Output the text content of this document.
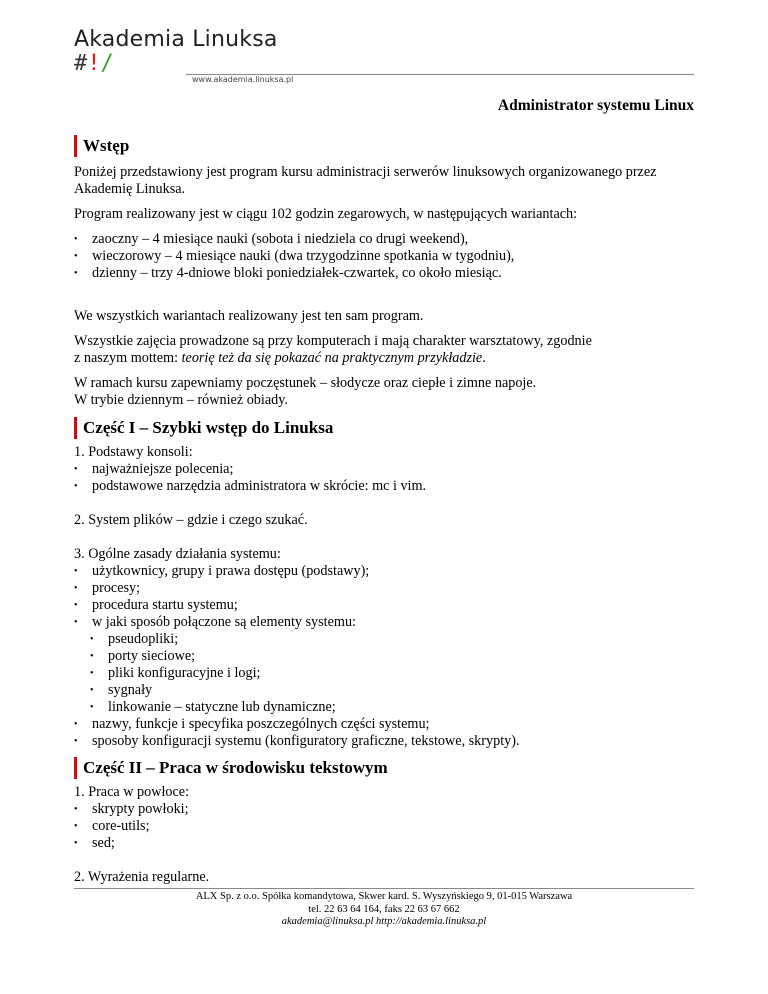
Akademia Linuksa
#!/
www.akademia.linuksa.pl
Administrator systemu Linux
Wstęp

Poniżej przedstawiony jest program kursu administracji serwerów linuksowych organizowanego przez Akademię Linuksa.

Program realizowany jest w ciągu 102 godzin zegarowych, w następujących wariantach:

• zaoczny – 4 miesiące nauki (sobota i niedziela co drugi weekend),
• wieczorowy – 4 miesiące nauki (dwa trzygodzinne spotkania w tygodniu),
• dzienny – trzy 4-dniowe bloki poniedziałek-czwartek, co około miesiąc.

We wszystkich wariantach realizowany jest ten sam program.

Wszystkie zajęcia prowadzone są przy komputerach i mają charakter warsztatowy, zgodnie
z naszym mottem: teorię też da się pokazać na praktycznym przykładzie.

W ramach kursu zapewniamy poczęstunek – słodycze oraz ciepłe i zimne napoje.
W trybie dziennym – również obiady.

Część I – Szybki wstęp do Linuksa

1. Podstawy konsoli:

• najważniejsze polecenia;
• podstawowe narzędzia administratora w skrócie: mc i vim.

2. System plików – gdzie i czego szukać.

3. Ogólne zasady działania systemu:

• użytkownicy, grupy i prawa dostępu (podstawy);
• procesy;
• procedura startu systemu;
• w jaki sposób połączone są elementy systemu:
• pseudopliki;
• porty sieciowe;
• pliki konfiguracyjne i logi;
• sygnały
• linkowanie – statyczne lub dynamiczne;
• nazwy, funkcje i specyfika poszczególnych części systemu;
• sposoby konfiguracji systemu (konfiguratory graficzne, tekstowe, skrypty).
Część II – Praca w środowisku tekstowym

1. Praca w powłoce:

• skrypty powłoki;
• core-utils;
• sed;

2. Wyrażenia regularne.

ALX Sp. z o.o. Spółka komandytowa, Skwer kard. S. Wyszyńskiego 9, 01-015 Warszawa
tel. 22 63 64 164, faks 22 63 67 662
akademia@linuksa.pl http://akademia.linuksa.pl
